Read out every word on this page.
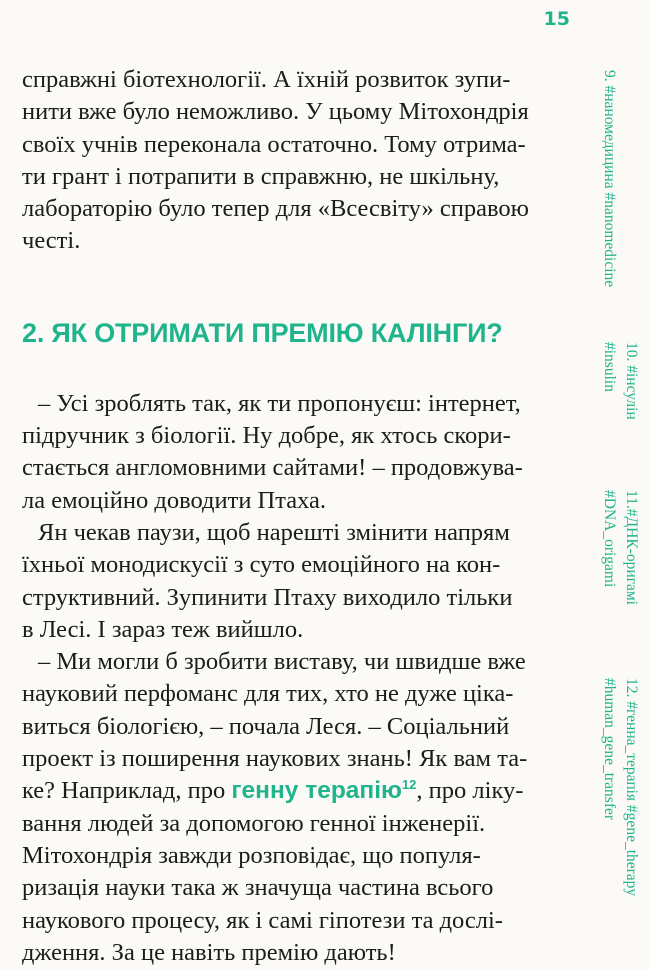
15

справжні біотехнології. А їхній розвиток зупи-
нити вже було неможливо. У цьому Мітохондрія
своїх учнів переконала остаточно. Тому отрима-
ти грант і потрапити в справжню, не шкільну,
лабораторію було тепер для «Всесвіту» справою
честі.

2. ЯК ОТРИМАТИ ПРЕМІЮ КАЛІНГИ?

– Усі зроблять так, як ти пропонуєш: інтернет,
підручник з біології. Ну добре, як хтось скори-
стається англомовними сайтами! – продовжува-
ла емоційно доводити Птаха.

Ян чекав паузи, щоб нарешті змінити напрям
їхньої монодискусії з суто емоційного на кон-
структивний. Зупинити Птаху виходило тільки
в Лесі. І зараз теж вийшло.

– Ми могли б зробити виставу, чи швидше вже
науковий перфоманс для тих, хто не дуже ціка-
виться біологією, – почала Леся. – Соціальний
проект із поширення наукових знань! Як вам та-
ке? Наприклад, про генну терапію$^{12}$, про ліку-
вання людей за допомогою генної інженерії.
Мітохондрія завжди розповідає, що популя-
ризація науки така ж значуща частина всього
наукового процесу, як і самі гіпотези та дослі-
дження. За це навіть премію дають!

9. #наномедицина #nanomedicine
10. #інсулін
#insulin
11.#ДНК-оригамі
#DNA_origami
12. #генна_терапія #gene_therapy
#human_gene_transfer
